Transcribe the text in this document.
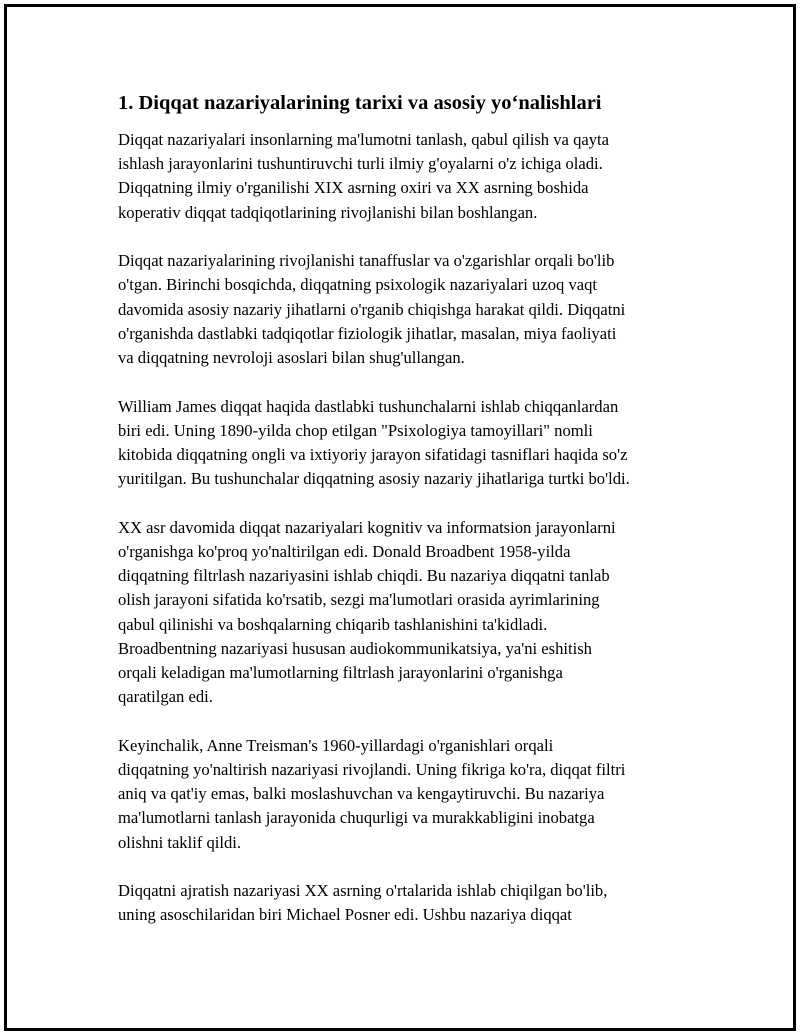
1. Diqqat nazariyalarining tarixi va asosiy yo‘nalishlari
Diqqat nazariyalari insonlarning ma'lumotni tanlash, qabul qilish va qayta
ishlash jarayonlarini tushuntiruvchi turli ilmiy g'oyalarni o'z ichiga oladi.
Diqqatning ilmiy o'rganilishi XIX asrning oxiri va XX asrning boshida
koperativ diqqat tadqiqotlarining rivojlanishi bilan boshlangan.
Diqqat nazariyalarining rivojlanishi tanaffuslar va o'zgarishlar orqali bo'lib
o'tgan. Birinchi bosqichda, diqqatning psixologik nazariyalari uzoq vaqt
davomida asosiy nazariy jihatlarni o'rganib chiqishga harakat qildi. Diqqatni
o'rganishda dastlabki tadqiqotlar fiziologik jihatlar, masalan, miya faoliyati
va diqqatning nevroloji asoslari bilan shug'ullangan.
William James diqqat haqida dastlabki tushunchalarni ishlab chiqqanlardan
biri edi. Uning 1890-yilda chop etilgan "Psixologiya tamoyillari" nomli
kitobida diqqatning ongli va ixtiyoriy jarayon sifatidagi tasniflari haqida so'z
yuritilgan. Bu tushunchalar diqqatning asosiy nazariy jihatlariga turtki bo'ldi.
XX asr davomida diqqat nazariyalari kognitiv va informatsion jarayonlarni
o'rganishga ko'proq yo'naltirilgan edi. Donald Broadbent 1958-yilda
diqqatning filtrlash nazariyasini ishlab chiqdi. Bu nazariya diqqatni tanlab
olish jarayoni sifatida ko'rsatib, sezgi ma'lumotlari orasida ayrimlarining
qabul qilinishi va boshqalarning chiqarib tashlanishini ta'kidladi.
Broadbentning nazariyasi hususan audiokommunikatsiya, ya'ni eshitish
orqali keladigan ma'lumotlarning filtrlash jarayonlarini o'rganishga
qaratilgan edi.
Keyinchalik, Anne Treisman's 1960-yillardagi o'rganishlari orqali
diqqatning yo'naltirish nazariyasi rivojlandi. Uning fikriga ko'ra, diqqat filtri
aniq va qat'iy emas, balki moslashuvchan va kengaytiruvchi. Bu nazariya
ma'lumotlarni tanlash jarayonida chuqurligi va murakkabligini inobatga
olishni taklif qildi.
Diqqatni ajratish nazariyasi XX asrning o'rtalarida ishlab chiqilgan bo'lib,
uning asoschilaridan biri Michael Posner edi. Ushbu nazariya diqqat
